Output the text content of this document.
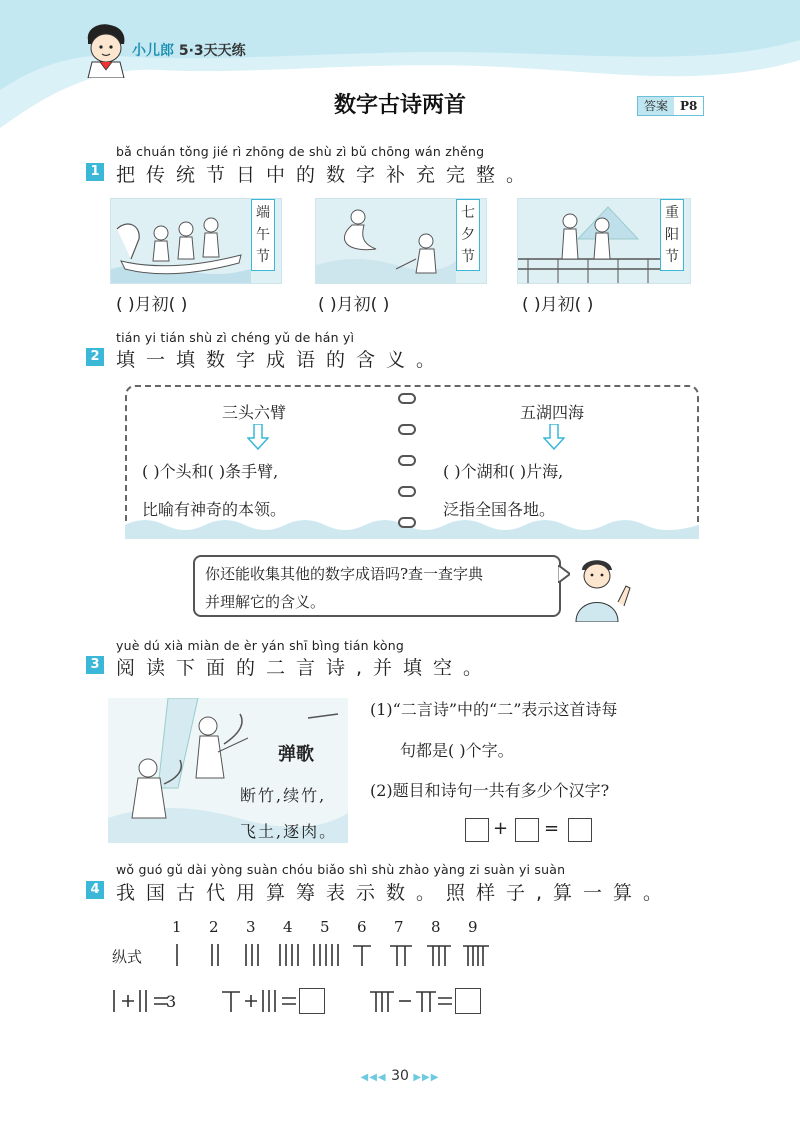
小儿郎 5·3天天练
数字古诗两首	答案	P8
bǎ chuán tǒng jié rì zhōng de shù zì bǔ chōng wán zhěng
1 把传统节日中的数字补充完整。
端午节
七夕节
重阳节
( )月初( )	( )月初( )	( )月初( )
tián yi tián shù zì chéng yǔ de hán yì
2 填一填数字成语的含义。
三头六臂
( )个头和( )条手臂,
比喻有神奇的本领。
五湖四海
( )个湖和( )片海,
泛指全国各地。
你还能收集其他的数字成语吗?查一查字典
并理解它的含义。
yuè dú xià miàn de èr yán shī bìng tián kòng
3 阅读下面的二言诗,并填空。
弹歌
断竹,续竹,
飞土,逐肉。
(1)“二言诗”中的“二”表示这首诗每
句都是( )个字。
(2)题目和诗句一共有多少个汉字?
+ =
wǒ guó gǔ dài yòng suàn chóu biǎo shì shù zhào yàng zi suàn yi suàn
4 我国古代用算筹表示数。照样子,算一算。
1 2 3 4 5 6 7 8 9
纵式
3
◀◀◀ 30 ▶▶▶
